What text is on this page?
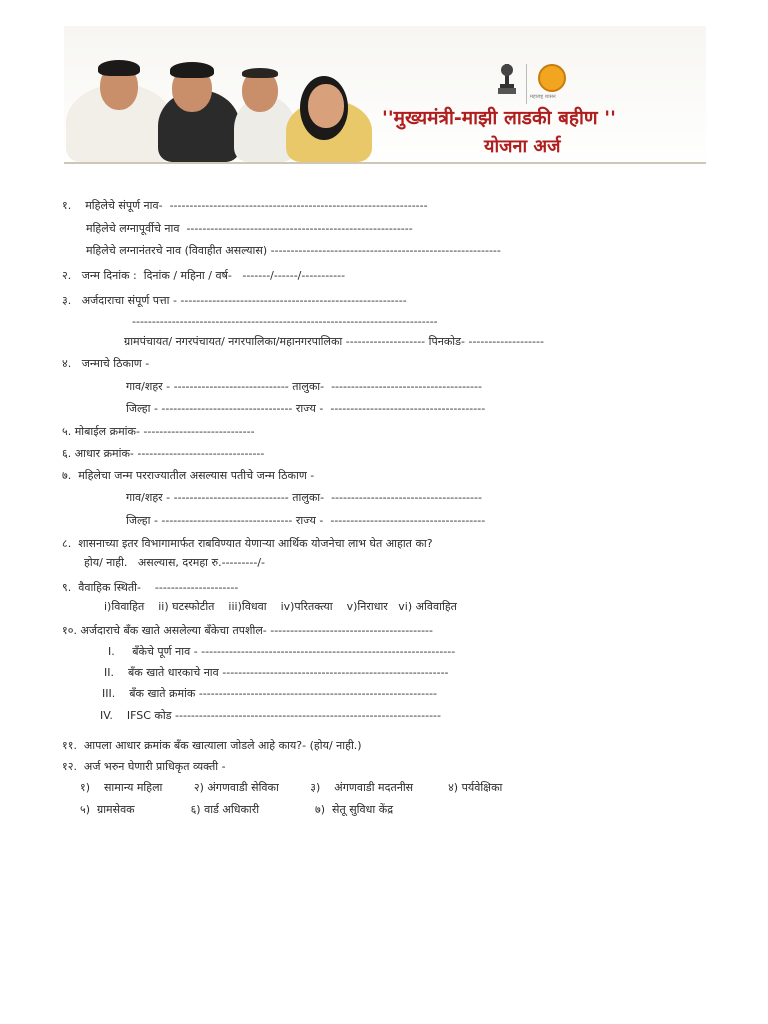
महाराष्ट्र शासन
''मुख्यमंत्री-माझी लाडकी बहीण ''
योजना अर्ज
१.    महिलेचे संपूर्ण नाव-  -----------------------------------------------------------------
महिलेचे लग्नापूर्वीचे नाव  ---------------------------------------------------------
महिलेचे लग्नानंतरचे नाव (विवाहीत असल्यास) ----------------------------------------------------------
२.   जन्म दिनांक :  दिनांक / महिना / वर्ष-   -------/------/-----------
३.   अर्जदाराचा संपूर्ण पत्ता - ---------------------------------------------------------
-----------------------------------------------------------------------------
ग्रामपंचायत/ नगरपंचायत/ नगरपालिका/महानगरपालिका -------------------- पिनकोड- -------------------
४.   जन्माचे ठिकाण -
गाव/शहर - ----------------------------- तालुका-  --------------------------------------
जिल्हा - --------------------------------- राज्य -  ---------------------------------------
५. मोबाईल क्रमांक- ----------------------------
६. आधार क्रमांक- --------------------------------
७.  महिलेचा जन्म परराज्यातील असल्यास पतीचे जन्म ठिकाण -
गाव/शहर - ----------------------------- तालुका-  --------------------------------------
जिल्हा - --------------------------------- राज्य -  ---------------------------------------
८.  शासनाच्या इतर विभागामार्फत राबविण्यात येणाऱ्या आर्थिक योजनेचा लाभ घेत आहात का?
होय/ नाही.   असल्यास, दरमहा रु.---------/-
९.  वैवाहिक स्थिती-    ---------------------
i)विवाहित    ii) घटस्फोटीत    iii)विधवा    iv)परितक्त्या    v)निराधार   vi) अविवाहित
१०. अर्जदाराचे बँक खाते असलेल्या बँकेचा तपशील- -----------------------------------------
I.     बँकेचे पूर्ण नाव - ----------------------------------------------------------------
II.    बँक खाते धारकाचे नाव ---------------------------------------------------------
III.    बँक खाते क्रमांक ------------------------------------------------------------
IV.    IFSC कोड -------------------------------------------------------------------
११.  आपला आधार क्रमांक बँक खात्याला जोडले आहे काय?- (होय/ नाही.)
१२.  अर्ज भरुन घेणारी प्राधिकृत व्यक्ती -
१)    सामान्य महिला         २) अंगणवाडी सेविका         ३)    अंगणवाडी मदतनीस          ४) पर्यवेक्षिका
५)  ग्रामसेवक                ६) वार्ड अधिकारी                ७)  सेतू सुविधा केंद्र
